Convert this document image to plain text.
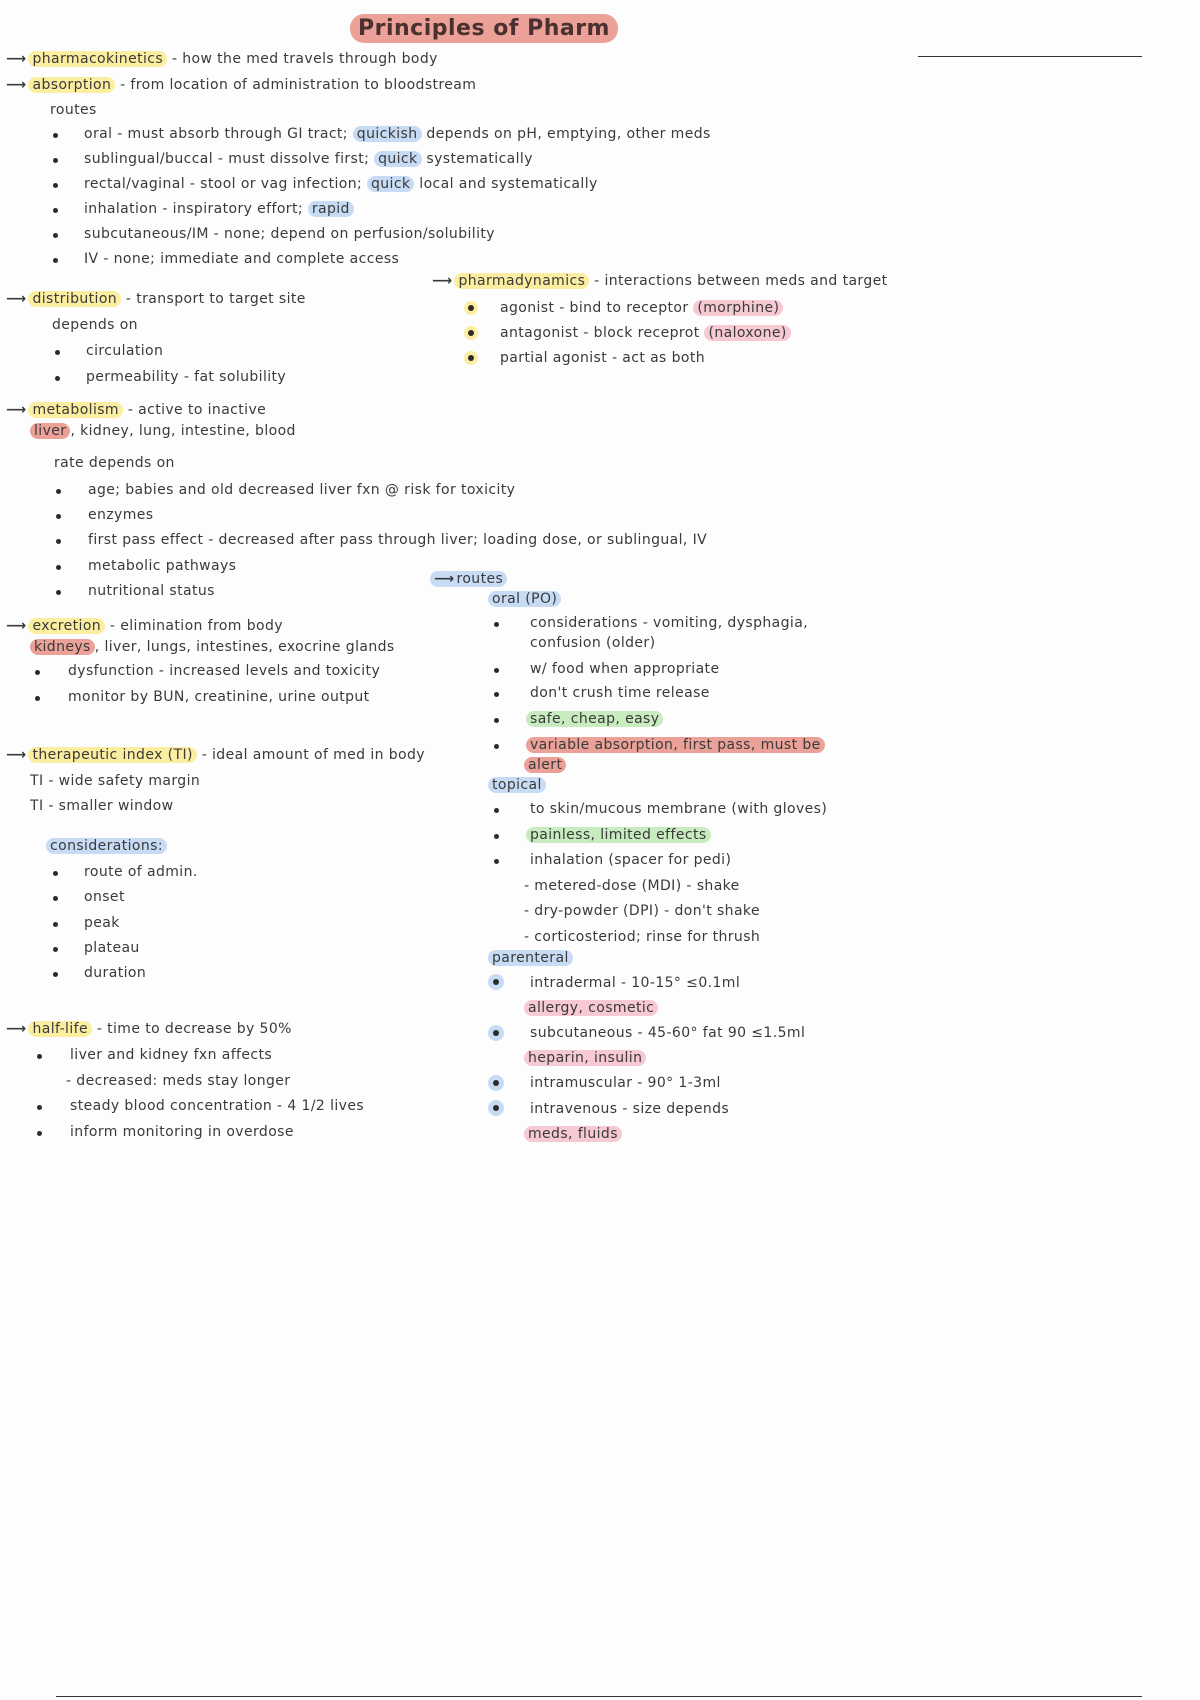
Principles of Pharm
⟶ pharmacokinetics - how the med travels through body
⟶ absorption - from location of administration to bloodstream
routes
oral - must absorb through GI tract; quickish depends on pH, emptying, other meds
sublingual/buccal - must dissolve first; quick systematically
rectal/vaginal - stool or vag infection; quick local and systematically
inhalation - inspiratory effort; rapid
subcutaneous/IM - none; depend on perfusion/solubility
IV - none; immediate and complete access
⟶ distribution - transport to target site
depends on
circulation
permeability - fat solubility
⟶ pharmadynamics - interactions between meds and target
agonist - bind to receptor (morphine)
antagonist - block receprot (naloxone)
partial agonist - act as both
⟶ metabolism - active to inactive
liver , kidney, lung, intestine, blood
rate depends on
age; babies and old decreased liver fxn @ risk for toxicity
enzymes
first pass effect - decreased after pass through liver; loading dose, or sublingual, IV
metabolic pathways
nutritional status
⟶ excretion - elimination from body
kidneys , liver, lungs, intestines, exocrine glands
dysfunction - increased levels and toxicity
monitor by BUN, creatinine, urine output
⟶ therapeutic index (TI) - ideal amount of med in body
TI - wide safety margin
TI - smaller window
considerations:
route of admin.
onset
peak
plateau
duration
⟶ half-life - time to decrease by 50%
liver and kidney fxn affects
- decreased: meds stay longer
steady blood concentration - 4 1/2 lives
inform monitoring in overdose
⟶ routes
oral (PO)
considerations - vomiting, dysphagia,
confusion (older)
w/ food when appropriate
don't crush time release
safe, cheap, easy
variable absorption, first pass, must be
alert
topical
to skin/mucous membrane (with gloves)
painless, limited effects
inhalation (spacer for pedi)
- metered-dose (MDI) - shake
- dry-powder (DPI) - don't shake
- corticosteriod; rinse for thrush
parenteral
intradermal - 10-15° ≤0.1ml
allergy, cosmetic
subcutaneous - 45-60° fat 90 ≤1.5ml
heparin, insulin
intramuscular - 90° 1-3ml
intravenous - size depends
meds, fluids
